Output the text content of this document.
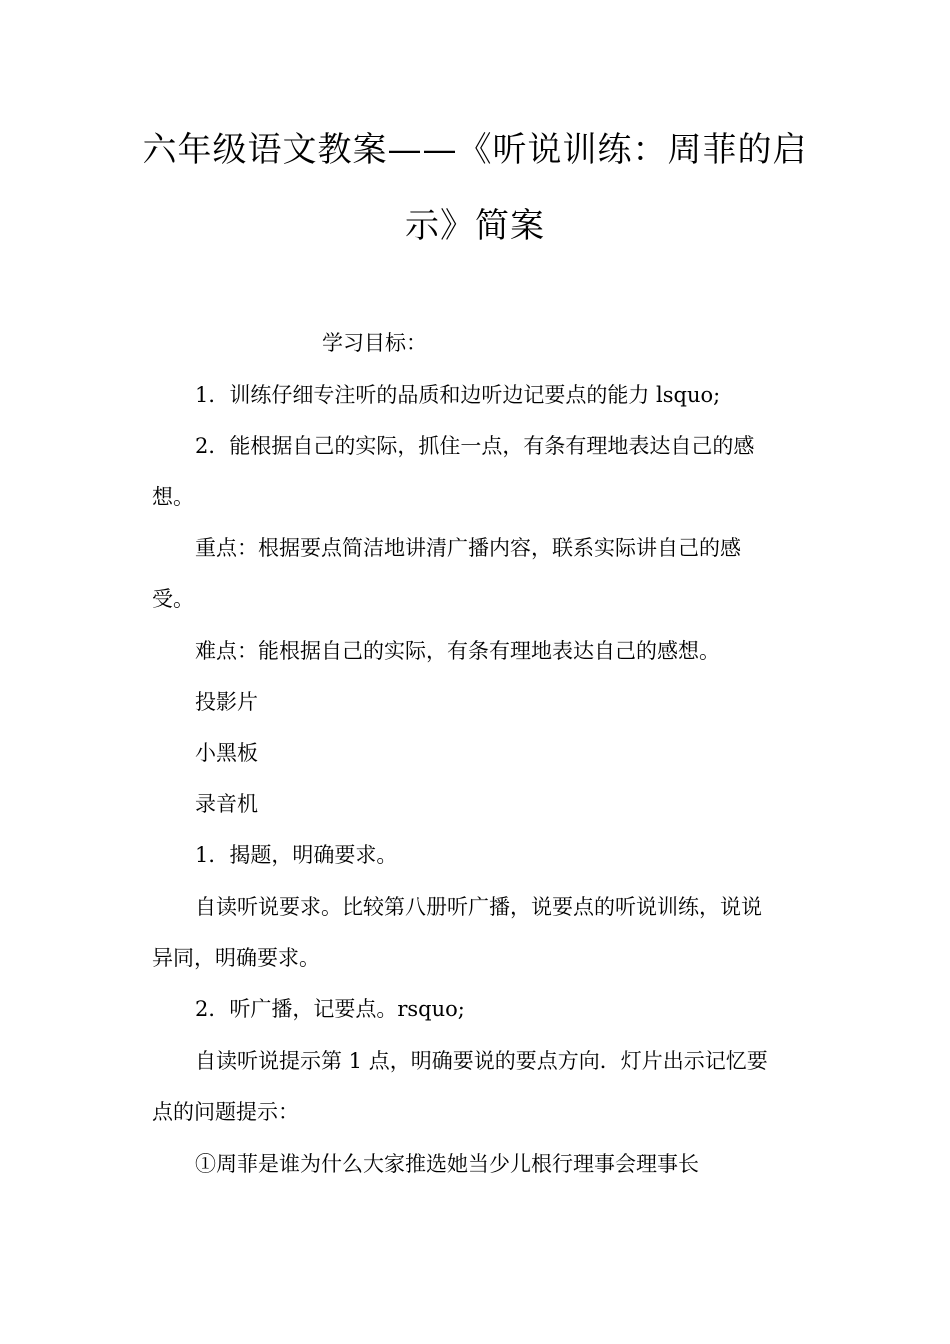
六年级语文教案——《听说训练：周菲的启
示》简案
学习目标：
1．训练仔细专注听的品质和边听边记要点的能力 lsquo;
2．能根据自己的实际，抓住一点，有条有理地表达自己的感
想。
重点：根据要点简洁地讲清广播内容，联系实际讲自己的感
受。
难点：能根据自己的实际，有条有理地表达自己的感想。
投影片
小黑板
录音机
1．揭题，明确要求。
自读听说要求。比较第八册听广播，说要点的听说训练，说说
异同，明确要求。
2．听广播，记要点。rsquo;
自读听说提示第 1 点，明确要说的要点方向．灯片出示记忆要
点的问题提示：
①周菲是谁为什么大家推选她当少儿根行理事会理事长
